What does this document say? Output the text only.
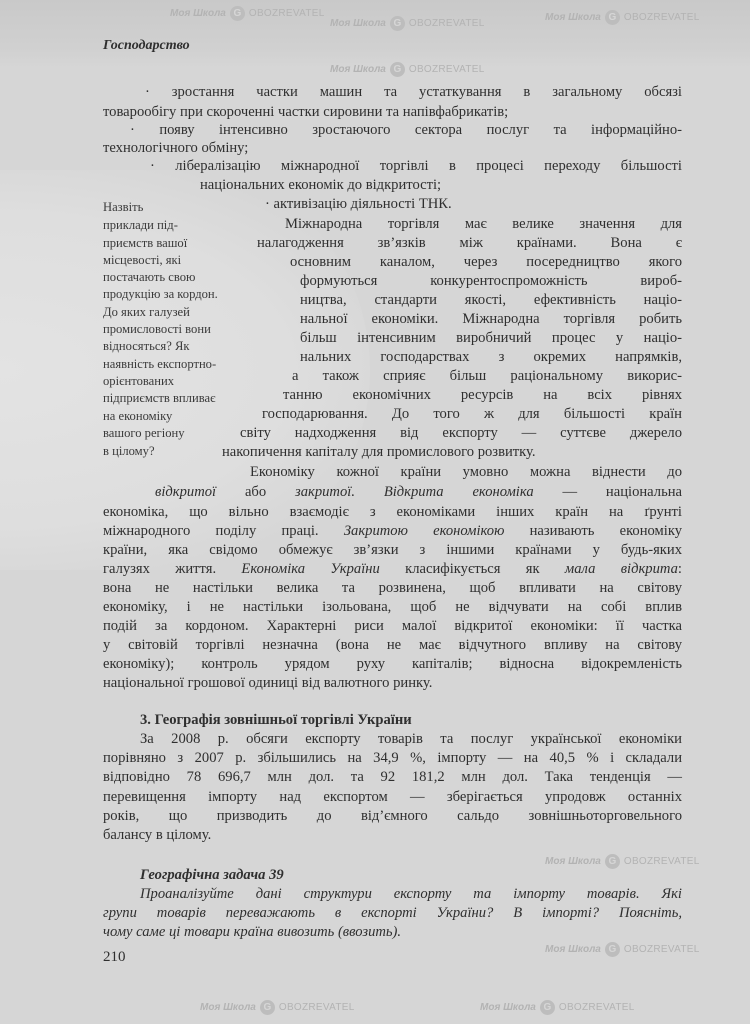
Моя Школа G OBOZREVATEL	Моя Школа G OBOZREVATEL
Моя Школа G OBOZREVATEL
Моя Школа G OBOZREVATEL
Моя Школа G OBOZREVATEL
Моя Школа G OBOZREVATEL	Моя Школа G OBOZREVATEL
Моя Школа G OBOZREVATEL
Господарство
· зростання частки машин та устаткування в загальному обсязі
товарообігу при скороченні частки сировини та напівфабрикатів;
· появу інтенсивно зростаючого сектора послуг та інформаційно-
технологічного обміну;
· лібералізацію міжнародної торгівлі в процесі переходу більшості
національних економік до відкритості;
· активізацію діяльності ТНК.
Міжнародна торгівля має велике значення для
налагодження зв’язків між країнами. Вона є
основним каналом, через посередництво якого
формуються конкурентоспроможність вироб-
ництва, стандарти якості, ефективність націо-
нальної економіки. Міжнародна торгівля робить
більш інтенсивним виробничий процес у націо-
нальних господарствах з окремих напрямків,
а також сприяє більш раціональному викорис-
танню економічних ресурсів на всіх рівнях
господарювання. До того ж для більшості країн
світу надходження від експорту — суттєве джерело
накопичення капіталу для промислового розвитку.
Назвіть
приклади під-
приємств вашої
місцевості, які
постачають свою
продукцію за кордон.
До яких галузей
промисловості вони
відносяться? Як
наявність експортно-
орієнтованих
підприємств впливає
на економіку
вашого регіону
в цілому?
Економіку кожної країни умовно можна віднести до
відкритої або закритої. Відкрита економіка — національна
економіка, що вільно взаємодіє з економіками інших країн на ґрунті
міжнародного поділу праці. Закритою економікою називають економіку
країни, яка свідомо обмежує зв’язки з іншими країнами у будь-яких
галузях життя. Економіка України класифікується як мала відкрита:
вона не настільки велика та розвинена, щоб впливати на світову
економіку, і не настільки ізольована, щоб не відчувати на собі вплив
подій за кордоном. Характерні риси малої відкритої економіки: її частка
у світовій торгівлі незначна (вона не має відчутного впливу на світову
економіку); контроль урядом руху капіталів; відносна відокремленість
національної грошової одиниці від валютного ринку.
3. Географія зовнішньої торгівлі України
За 2008 р. обсяги експорту товарів та послуг української економіки
порівняно з 2007 р. збільшились на 34,9 %, імпорту — на 40,5 % і складали
відповідно 78 696,7 млн дол. та 92 181,2 млн дол. Така тенденція —
перевищення імпорту над експортом — зберігається упродовж останніх
років, що призводить до від’ємного сальдо зовнішньоторговельного
балансу в цілому.
Географічна задача 39
Проаналізуйте дані структури експорту та імпорту товарів. Які
групи товарів переважають в експорті України? В імпорті? Поясніть,
чому саме ці товари країна вивозить (ввозить).
210
